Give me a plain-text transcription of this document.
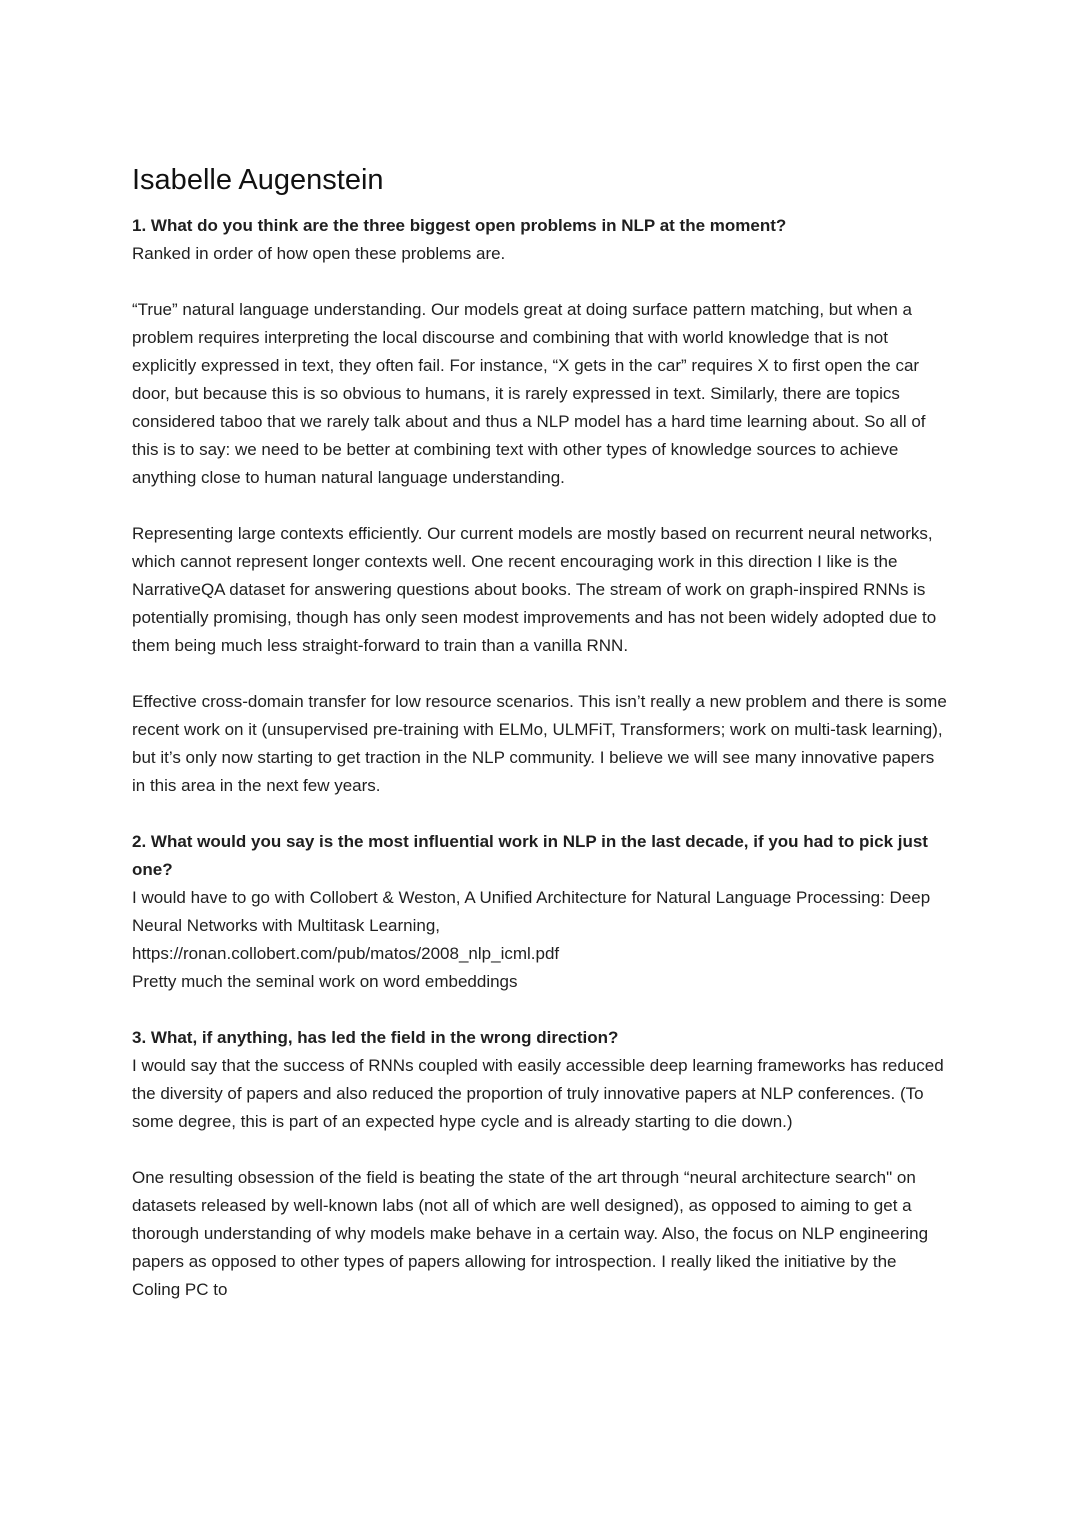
Isabelle Augenstein

1. What do you think are the three biggest open problems in NLP at the moment?

Ranked in order of how open these problems are.

“True” natural language understanding. Our models great at doing surface pattern matching, but when a problem requires interpreting the local discourse and combining that with world knowledge that is not explicitly expressed in text, they often fail. For instance, “X gets in the car” requires X to first open the car door, but because this is so obvious to humans, it is rarely expressed in text. Similarly, there are topics considered taboo that we rarely talk about and thus a NLP model has a hard time learning about. So all of this is to say: we need to be better at combining text with other types of knowledge sources to achieve anything close to human natural language understanding.

Representing large contexts efficiently. Our current models are mostly based on recurrent neural networks, which cannot represent longer contexts well. One recent encouraging work in this direction I like is the NarrativeQA dataset for answering questions about books. The stream of work on graph-inspired RNNs is potentially promising, though has only seen modest improvements and has not been widely adopted due to them being much less straight-forward to train than a vanilla RNN.

Effective cross-domain transfer for low resource scenarios. This isn’t really a new problem and there is some recent work on it (unsupervised pre-training with ELMo, ULMFiT, Transformers; work on multi-task learning), but it’s only now starting to get traction in the NLP community. I believe we will see many innovative papers in this area in the next few years.

2. What would you say is the most influential work in NLP in the last decade, if you had to pick just one?

I would have to go with Collobert & Weston, A Unified Architecture for Natural Language Processing: Deep Neural Networks with Multitask Learning,

https://ronan.collobert.com/pub/matos/2008_nlp_icml.pdf

Pretty much the seminal work on word embeddings

3. What, if anything, has led the field in the wrong direction?

I would say that the success of RNNs coupled with easily accessible deep learning frameworks has reduced the diversity of papers and also reduced the proportion of truly innovative papers at NLP conferences. (To some degree, this is part of an expected hype cycle and is already starting to die down.)

One resulting obsession of the field is beating the state of the art through “neural architecture search" on datasets released by well-known labs (not all of which are well designed), as opposed to aiming to get a thorough understanding of why models make behave in a certain way. Also, the focus on NLP engineering papers as opposed to other types of papers allowing for introspection. I really liked the initiative by the Coling PC to
